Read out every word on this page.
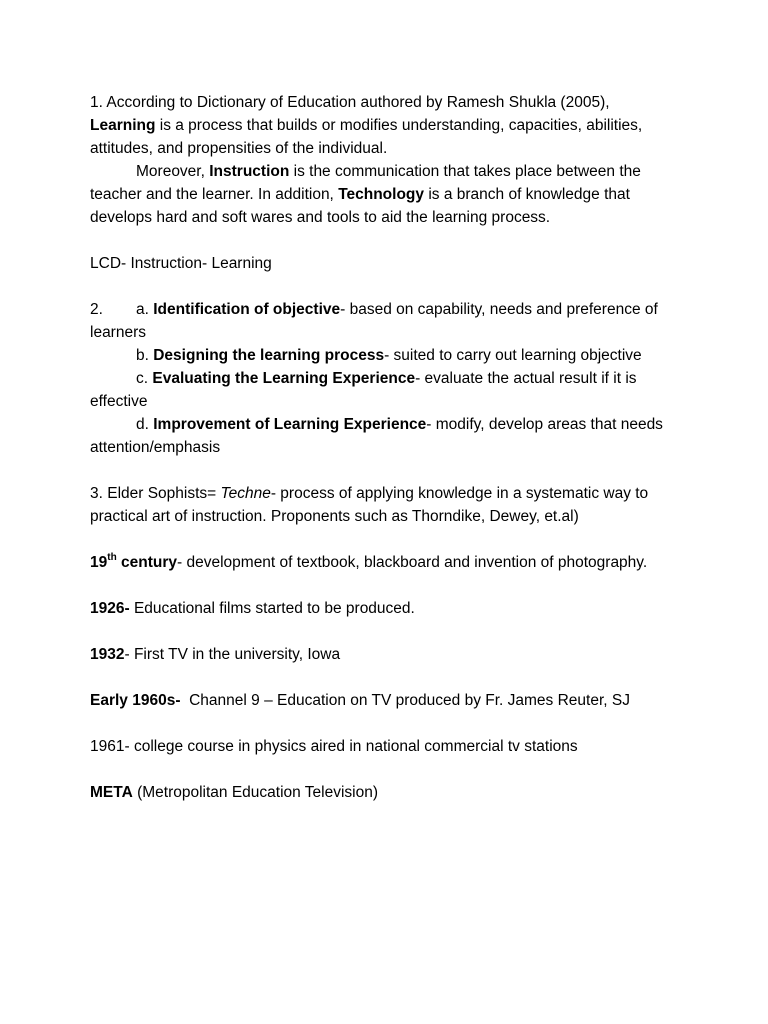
1. According to Dictionary of Education authored by Ramesh Shukla (2005),
Learning is a process that builds or modifies understanding, capacities, abilities, attitudes, and propensities of the individual.

Moreover, Instruction is the communication that takes place between the teacher and the learner. In addition, Technology is a branch of knowledge that develops hard and soft wares and tools to aid the learning process.

LCD- Instruction- Learning

2. a. Identification of objective- based on capability, needs and preference of learners

b. Designing the learning process- suited to carry out learning objective

c. Evaluating the Learning Experience- evaluate the actual result if it is effective

d. Improvement of Learning Experience- modify, develop areas that needs attention/emphasis

3. Elder Sophists= Techne- process of applying knowledge in a systematic way to practical art of instruction. Proponents such as Thorndike, Dewey, et.al)

19th century- development of textbook, blackboard and invention of photography.

1926- Educational films started to be produced.

1932- First TV in the university, Iowa

Early 1960s-  Channel 9 – Education on TV produced by Fr. James Reuter, SJ

1961- college course in physics aired in national commercial tv stations

META (Metropolitan Education Television)
